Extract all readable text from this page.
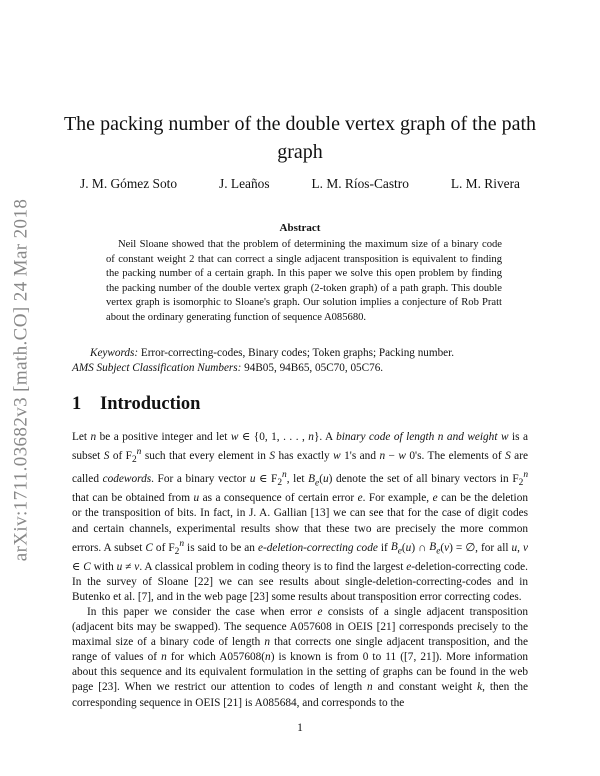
arXiv:1711.03682v3 [math.CO] 24 Mar 2018
The packing number of the double vertex graph of the path graph
J. M. Gómez Soto	J. Leaños	L. M. Ríos-Castro	L. M. Rivera
Abstract

Neil Sloane showed that the problem of determining the maximum size of a binary code of constant weight 2 that can correct a single adjacent transposition is equivalent to finding the packing number of a certain graph. In this paper we solve this open problem by finding the packing number of the double vertex graph (2-token graph) of a path graph. This double vertex graph is isomorphic to Sloane's graph. Our solution implies a conjecture of Rob Pratt about the ordinary generating function of sequence A085680.

Keywords: Error-correcting-codes, Binary codes; Token graphs; Packing number.
AMS Subject Classification Numbers: 94B05, 94B65, 05C70, 05C76.

1 Introduction

Let n be a positive integer and let w ∈ {0, 1, . . . , n}. A binary code of length n and weight w is a subset S of $F_2^n$ such that every element in S has exactly w 1's and n − w 0's. The elements of S are called codewords. For a binary vector u ∈ $F_2^n$, let $B_e(u)$ denote the set of all binary vectors in $F_2^n$ that can be obtained from u as a consequence of certain error e. For example, e can be the deletion or the transposition of bits. In fact, in J. A. Gallian [13] we can see that for the case of digit codes and certain channels, experimental results show that these two are precisely the more common errors. A subset C of $F_2^n$ is said to be an e-deletion-correcting code if $B_e(u)$ ∩ $B_e(v)$ = ∅, for all u, v ∈ C with u ≠ v. A classical problem in coding theory is to find the largest e-deletion-correcting code. In the survey of Sloane [22] we can see results about single-deletion-correcting-codes and in Butenko et al. [7], and in the web page [23] some results about transposition error correcting codes.

In this paper we consider the case when error e consists of a single adjacent transposition (adjacent bits may be swapped). The sequence A057608 in OEIS [21] corresponds precisely to the maximal size of a binary code of length n that corrects one single adjacent transposition, and the range of values of n for which A057608(n) is known is from 0 to 11 ([7, 21]). More information about this sequence and its equivalent formulation in the setting of graphs can be found in the web page [23]. When we restrict our attention to codes of length n and constant weight k, then the corresponding sequence in OEIS [21] is A085684, and corresponds to the

1
